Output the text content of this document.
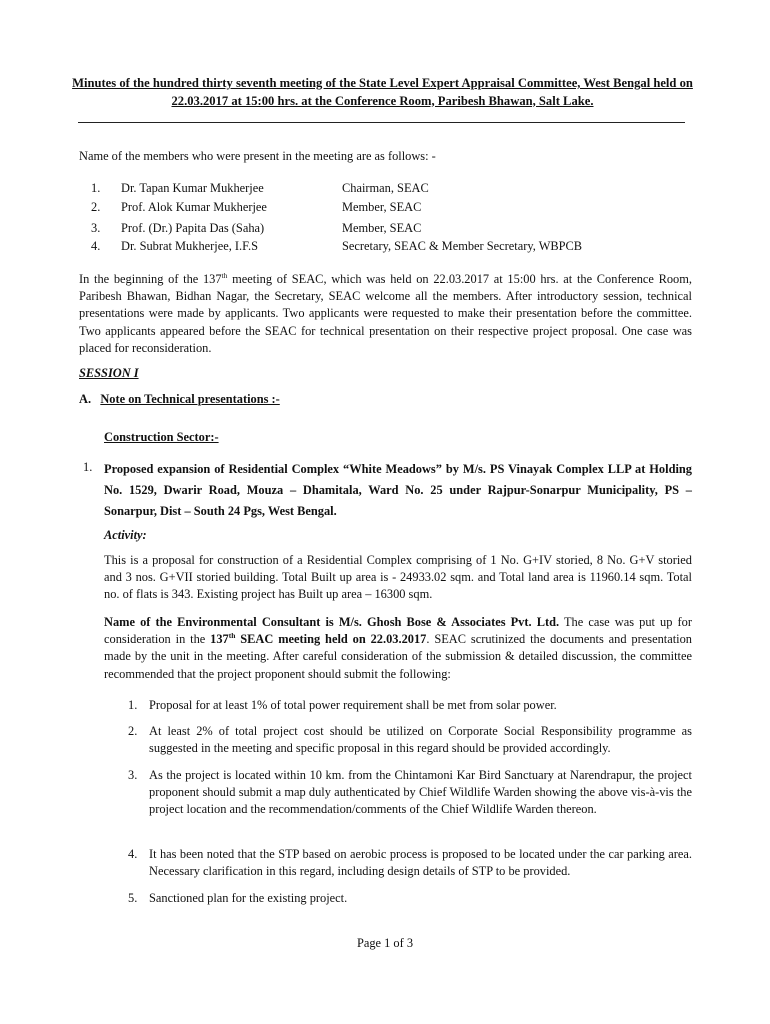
Minutes of the hundred thirty seventh meeting of the State Level Expert Appraisal Committee, West Bengal held on 22.03.2017 at 15:00 hrs. at the Conference Room, Paribesh Bhawan, Salt Lake.
Name of the members who were present in the meeting are as follows: -
1. Dr. Tapan Kumar Mukherjee	Chairman, SEAC
2. Prof. Alok Kumar Mukherjee	Member, SEAC
3. Prof. (Dr.) Papita Das (Saha)	Member, SEAC
4. Dr. Subrat Mukherjee, I.F.S	Secretary, SEAC & Member Secretary, WBPCB
In the beginning of the 137th meeting of SEAC, which was held on 22.03.2017 at 15:00 hrs. at the Conference Room, Paribesh Bhawan, Bidhan Nagar, the Secretary, SEAC welcome all the members. After introductory session, technical presentations were made by applicants. Two applicants were requested to make their presentation before the committee. Two applicants appeared before the SEAC for technical presentation on their respective project proposal. One case was placed for reconsideration.
SESSION I
A. Note on Technical presentations :-
Construction Sector:-
1. Proposed expansion of Residential Complex “White Meadows” by M/s. PS Vinayak Complex LLP at Holding No. 1529, Dwarir Road, Mouza – Dhamitala, Ward No. 25 under Rajpur-Sonarpur Municipality, PS – Sonarpur, Dist – South 24 Pgs, West Bengal.
Activity:
This is a proposal for construction of a Residential Complex comprising of 1 No. G+IV storied, 8 No. G+V storied and 3 nos. G+VII storied building. Total Built up area is - 24933.02 sqm. and Total land area is 11960.14 sqm. Total no. of flats is 343. Existing project has Built up area – 16300 sqm.
Name of the Environmental Consultant is M/s. Ghosh Bose & Associates Pvt. Ltd. The case was put up for consideration in the 137th SEAC meeting held on 22.03.2017. SEAC scrutinized the documents and presentation made by the unit in the meeting. After careful consideration of the submission & detailed discussion, the committee recommended that the project proponent should submit the following:
1. Proposal for at least 1% of total power requirement shall be met from solar power.
2. At least 2% of total project cost should be utilized on Corporate Social Responsibility programme as suggested in the meeting and specific proposal in this regard should be provided accordingly.
3. As the project is located within 10 km. from the Chintamoni Kar Bird Sanctuary at Narendrapur, the project proponent should submit a map duly authenticated by Chief Wildlife Warden showing the above vis-à-vis the project location and the recommendation/comments of the Chief Wildlife Warden thereon.
4. It has been noted that the STP based on aerobic process is proposed to be located under the car parking area. Necessary clarification in this regard, including design details of STP to be provided.
5. Sanctioned plan for the existing project.
Page 1 of 3
